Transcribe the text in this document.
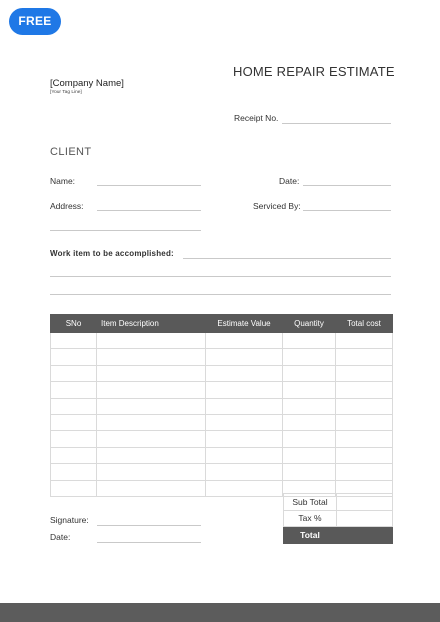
FREE
[Company Name]
[Your Tag Line]
HOME REPAIR ESTIMATE
Receipt No.
CLIENT
Name:	Date:
Address:	Serviced By:
Work item to be accomplished:
SNo	Item Description	Estimate Value	Quantity	Total cost

Sub Total	
Tax %	
Total	
Signature:
Date:
